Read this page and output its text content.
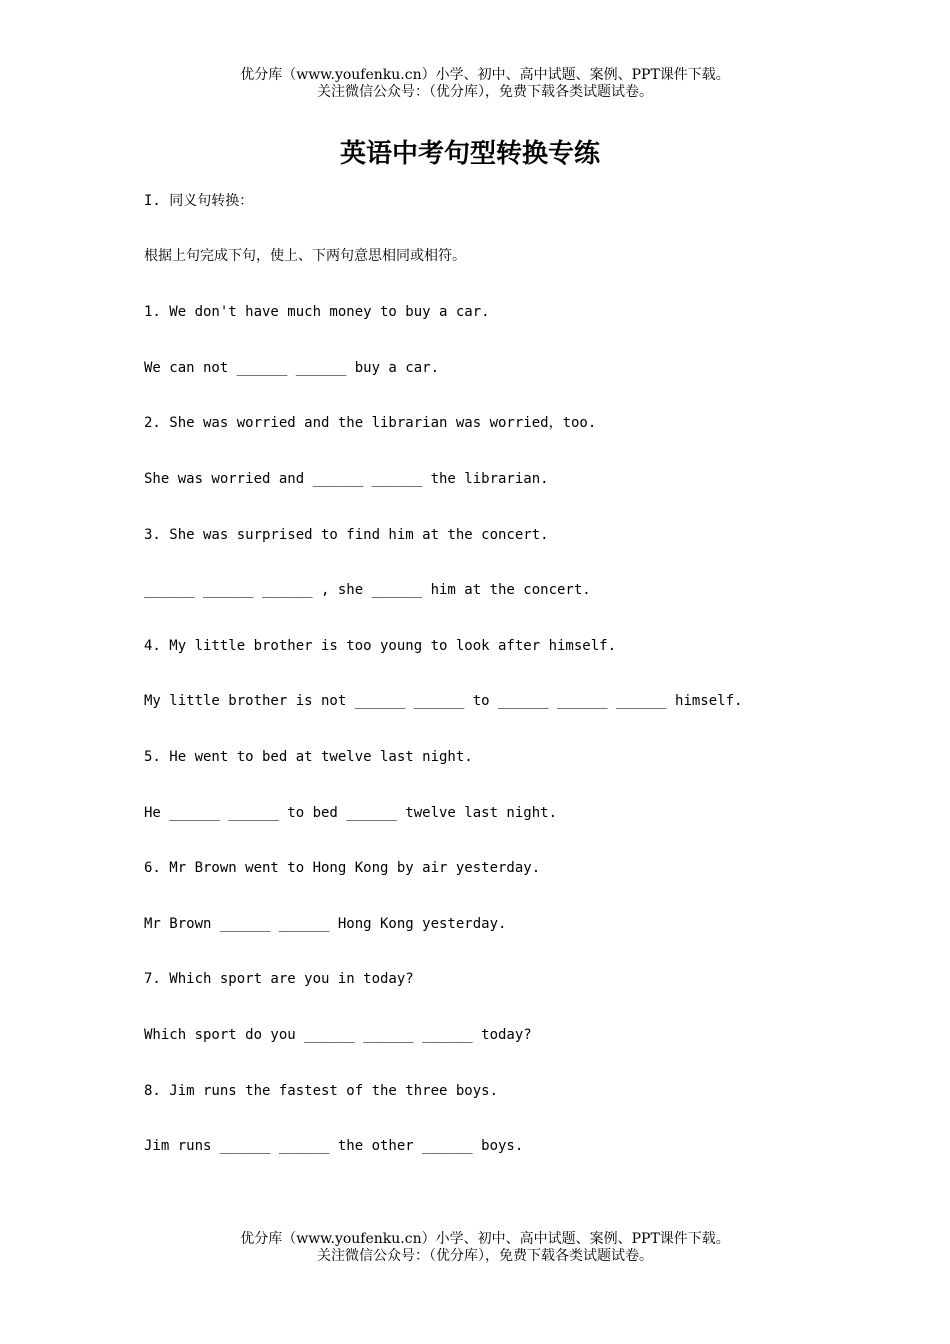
优分库（www.youfenku.cn）小学、初中、高中试题、案例、PPT课件下载。
关注微信公众号：（优分库），免费下载各类试题试卷。
英语中考句型转换专练
I. 同义句转换：
根据上句完成下句，使上、下两句意思相同或相符。
1. We don't have much money to buy a car.
We can not ______ ______ buy a car.
2. She was worried and the librarian was worried，too.
She was worried and ______ ______ the librarian.
3. She was surprised to find him at the concert.
______ ______ ______ , she ______ him at the concert.
4. My little brother is too young to look after himself.
My little brother is not ______ ______ to ______ ______ ______ himself.
5. He went to bed at twelve last night.
He ______ ______ to bed ______ twelve last night.
6. Mr Brown went to Hong Kong by air yesterday.
Mr Brown ______ ______ Hong Kong yesterday.
7. Which sport are you in today?
Which sport do you ______ ______ ______ today?
8. Jim runs the fastest of the three boys.
Jim runs ______ ______ the other ______ boys.
优分库（www.youfenku.cn）小学、初中、高中试题、案例、PPT课件下载。
关注微信公众号：（优分库），免费下载各类试题试卷。
